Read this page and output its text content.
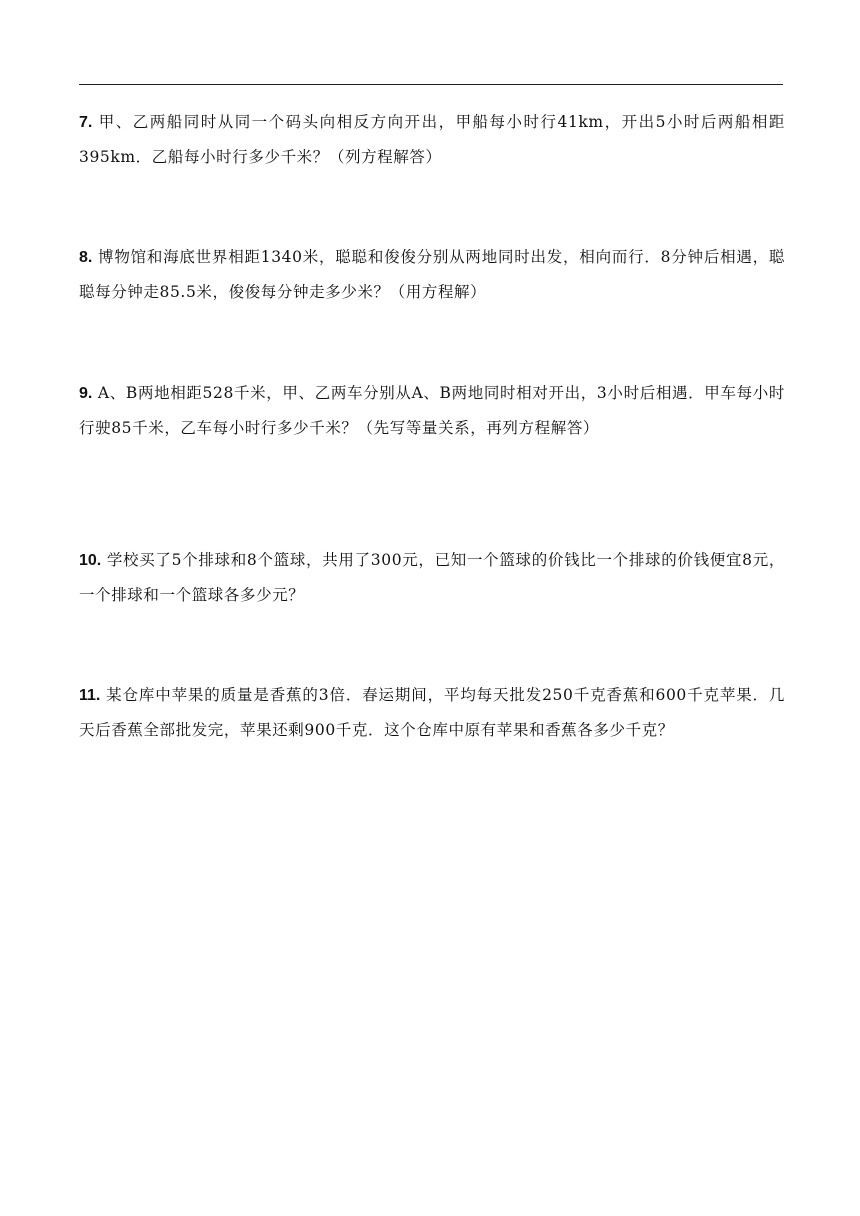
7. 甲、乙两船同时从同一个码头向相反方向开出，甲船每小时行41km，开出5小时后两船相距395km．乙船每小时行多少千米？（列方程解答）
8. 博物馆和海底世界相距1340米，聪聪和俊俊分别从两地同时出发，相向而行．8分钟后相遇，聪聪每分钟走85.5米，俊俊每分钟走多少米？（用方程解）
9. A、B两地相距528千米，甲、乙两车分别从A、B两地同时相对开出，3小时后相遇．甲车每小时行驶85千米，乙车每小时行多少千米？（先写等量关系，再列方程解答）
10. 学校买了5个排球和8个篮球，共用了300元，已知一个篮球的价钱比一个排球的价钱便宜8元，一个排球和一个篮球各多少元？
11. 某仓库中苹果的质量是香蕉的3倍．春运期间，平均每天批发250千克香蕉和600千克苹果．几天后香蕉全部批发完，苹果还剩900千克．这个仓库中原有苹果和香蕉各多少千克？
